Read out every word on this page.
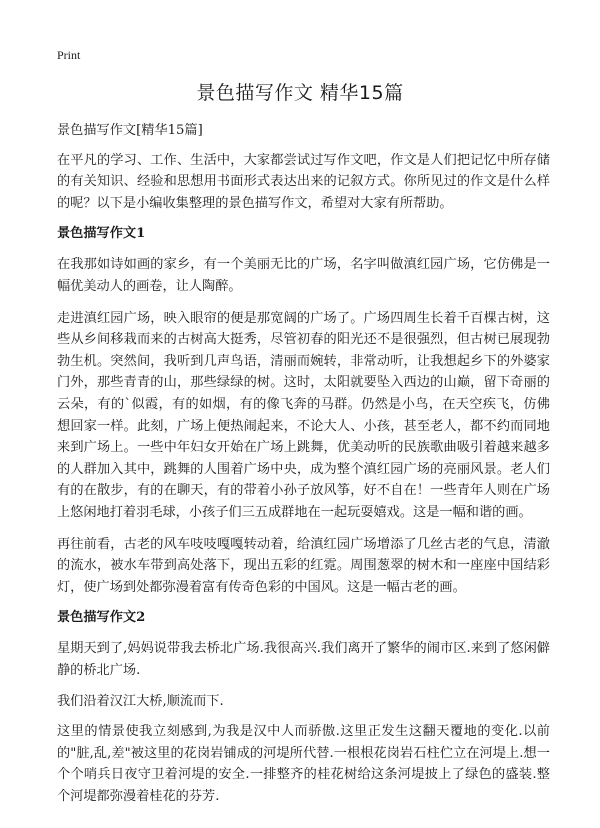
Print
景色描写作文 精华15篇

景色描写作文[精华15篇]

在平凡的学习、工作、生活中，大家都尝试过写作文吧，作文是人们把记忆中所存储的有关知识、经验和思想用书面形式表达出来的记叙方式。你所见过的作文是什么样的呢？以下是小编收集整理的景色描写作文，希望对大家有所帮助。

景色描写作文1

在我那如诗如画的家乡，有一个美丽无比的广场，名字叫做滇红园广场，它仿佛是一幅优美动人的画卷，让人陶醉。

走进滇红园广场，映入眼帘的便是那宽阔的广场了。广场四周生长着千百棵古树，这些从乡间移栽而来的古树高大挺秀，尽管初春的阳光还不是很强烈，但古树已展现勃勃生机。突然间，我听到几声鸟语，清丽而婉转，非常动听，让我想起乡下的外婆家门外，那些青青的山，那些绿绿的树。这时，太阳就要坠入西边的山巅，留下奇丽的云朵，有的`似霞，有的如烟，有的像飞奔的马群。仍然是小鸟，在天空疾飞，仿佛想回家一样。此刻，广场上便热闹起来，不论大人、小孩，甚至老人，都不约而同地来到广场上。一些中年妇女开始在广场上跳舞，优美动听的民族歌曲吸引着越来越多的人群加入其中，跳舞的人围着广场中央，成为整个滇红园广场的亮丽风景。老人们有的在散步，有的在聊天，有的带着小孙子放风筝，好不自在！一些青年人则在广场上悠闲地打着羽毛球，小孩子们三五成群地在一起玩耍嬉戏。这是一幅和谐的画。

再往前看，古老的风车吱吱嘎嘎转动着，给滇红园广场增添了几丝古老的气息，清澈的流水，被水车带到高处落下，现出五彩的红霓。周围葱翠的树木和一座座中国结彩灯，使广场到处都弥漫着富有传奇色彩的中国风。这是一幅古老的画。

景色描写作文2

星期天到了,妈妈说带我去桥北广场.我很高兴.我们离开了繁华的闹市区.来到了悠闲僻静的桥北广场.

我们沿着汉江大桥,顺流而下.

这里的情景使我立刻感到,为我是汉中人而骄傲.这里正发生这翻天覆地的变化.以前的"脏,乱,差"被这里的花岗岩铺成的河堤所代替.一根根花岗岩石柱伫立在河堤上.想一个个哨兵日夜守卫着河堤的安全.一排整齐的桂花树给这条河堤披上了绿色的盛装.整个河堤都弥漫着桂花的芬芳.
